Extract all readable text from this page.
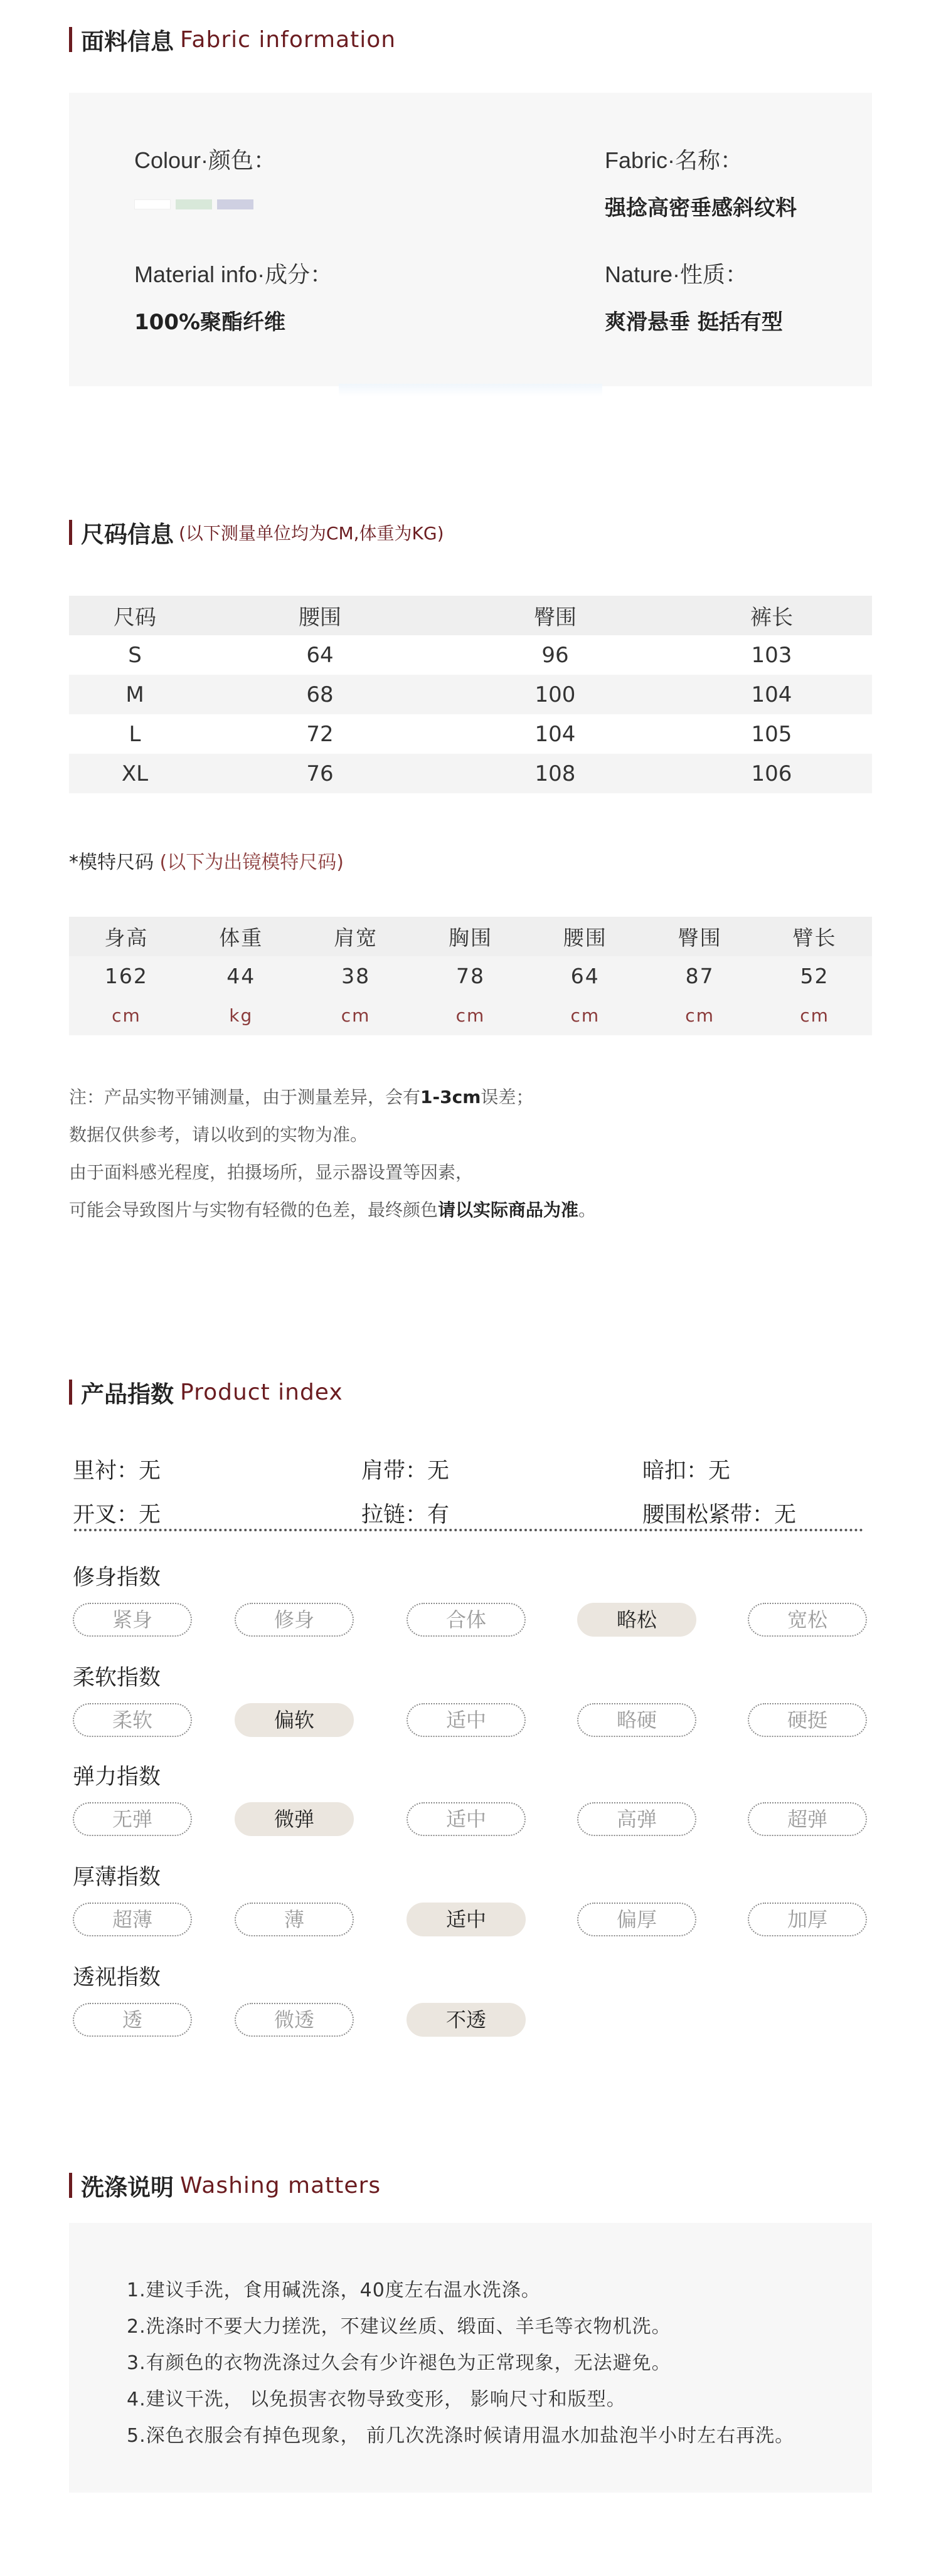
面料信息 Fabric information
Colour·颜色：	Fabric·名称：
强捻高密垂感斜纹料
Material info·成分：
100%聚酯纤维
Nature·性质：
爽滑悬垂 挺括有型
尺码信息 (以下测量单位均为CM,体重为KG)
尺码	腰围	臀围	裤长
S	64	96	103
M	68	100	104
L	72	104	105
XL	76	108	106
*模特尺码 (以下为出镜模特尺码)
身高	体重	肩宽	胸围	腰围	臀围	臂长
162	44	38	78	64	87	52
cm	kg	cm	cm	cm	cm	cm
注：产品实物平铺测量，由于测量差异，会有1-3cm误差；
数据仅供参考，请以收到的实物为准。
由于面料感光程度，拍摄场所，显示器设置等因素，
可能会导致图片与实物有轻微的色差，最终颜色请以实际商品为准。
产品指数 Product index
里衬：无	肩带：无	暗扣：无
开叉：无	拉链：有	腰围松紧带：无
修身指数
紧身	修身	合体	略松	宽松
柔软指数
柔软	偏软	适中	略硬	硬挺
弹力指数
无弹	微弹	适中	高弹	超弹
厚薄指数
超薄	薄	适中	偏厚	加厚
透视指数
透	微透	不透
洗涤说明 Washing matters
1.建议手洗，食用碱洗涤，40度左右温水洗涤。
2.洗涤时不要大力搓洗，不建议丝质、缎面、羊毛等衣物机洗。
3.有颜色的衣物洗涤过久会有少许褪色为正常现象，无法避免。
4.建议干洗， 以免损害衣物导致变形， 影响尺寸和版型。
5.深色衣服会有掉色现象， 前几次洗涤时候请用温水加盐泡半小时左右再洗。
